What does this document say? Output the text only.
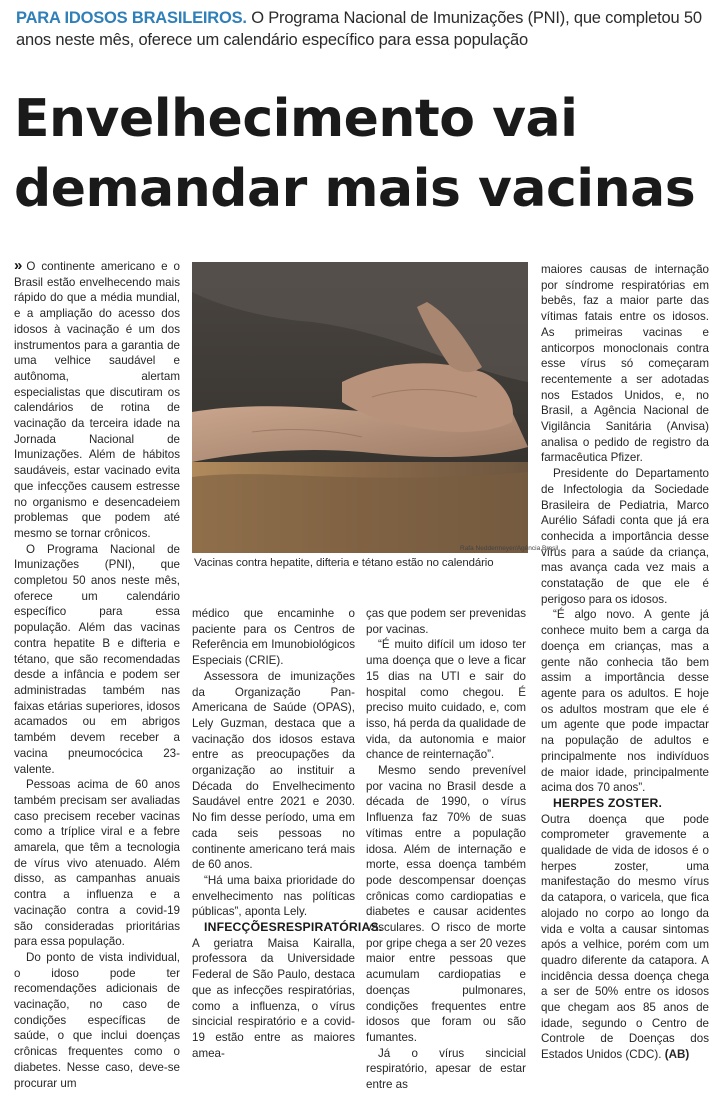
PARA IDOSOS BRASILEIROS. O Programa Nacional de Imunizações (PNI), que completou 50 anos neste mês, oferece um calendário específico para essa população
Envelhecimento vai
demandar mais vacinas

» O continente americano e o Brasil estão envelhecendo mais rápido do que a média mundial, e a ampliação do acesso dos idosos à vacinação é um dos instrumentos para a garantia de uma velhice saudável e autônoma, alertam especialistas que discutiram os calendários de rotina de vacinação da terceira idade na Jornada Nacional de Imunizações. Além de hábitos saudáveis, estar vacinado evita que infecções causem estresse no organismo e desencadeiem problemas que podem até mesmo se tornar crônicos.

O Programa Nacional de Imunizações (PNI), que completou 50 anos neste mês, oferece um calendário específico para essa população. Além das vacinas contra hepatite B e difteria e tétano, que são recomendadas desde a infância e podem ser administradas também nas faixas etárias superiores, idosos acamados ou em abrigos também devem receber a vacina pneumocócica 23-valente.

Pessoas acima de 60 anos também precisam ser avaliadas caso precisem receber vacinas como a tríplice viral e a febre amarela, que têm a tecnologia de vírus vivo atenuado. Além disso, as campanhas anuais contra a influenza e a vacinação contra a covid-19 são consideradas prioritárias para essa população.

Do ponto de vista individual, o idoso pode ter recomendações adicionais de vacinação, no caso de condições específicas de saúde, o que inclui doenças crônicas frequentes como o diabetes. Nesse caso, deve-se procurar um

Rafa Neddermeyer/Agência Brasil
Vacinas contra hepatite, difteria e tétano estão no calendário

médico que encaminhe o paciente para os Centros de Referência em Imunobiológicos Especiais (CRIE).

Assessora de imunizações da Organização Pan-Americana de Saúde (OPAS), Lely Guzman, destaca que a vacinação dos idosos estava entre as preocupações da organização ao instituir a Década do Envelhecimento Saudável entre 2021 e 2030. No fim desse período, uma em cada seis pessoas no continente americano terá mais de 60 anos.

“Há uma baixa prioridade do envelhecimento nas políticas públicas”, aponta Lely.

INFECÇÕESRESPIRATÓRIAS.

A geriatra Maisa Kairalla, professora da Universidade Federal de São Paulo, destaca que as infecções respiratórias, como a influenza, o vírus sincicial respiratório e a covid-19 estão entre as maiores amea-

ças que podem ser prevenidas por vacinas.

“É muito difícil um idoso ter uma doença que o leve a ficar 15 dias na UTI e sair do hospital como chegou. É preciso muito cuidado, e, com isso, há perda da qualidade de vida, da autonomia e maior chance de reinternação”.

Mesmo sendo prevenível por vacina no Brasil desde a década de 1990, o vírus Influenza faz 70% de suas vítimas entre a população idosa. Além de internação e morte, essa doença também pode descompensar doenças crônicas como cardiopatias e diabetes e causar acidentes vasculares. O risco de morte por gripe chega a ser 20 vezes maior entre pessoas que acumulam cardiopatias e doenças pulmonares, condições frequentes entre idosos que foram ou são fumantes.

Já o vírus sincicial respiratório, apesar de estar entre as

maiores causas de internação por síndrome respiratórias em bebês, faz a maior parte das vítimas fatais entre os idosos. As primeiras vacinas e anticorpos monoclonais contra esse vírus só começaram recentemente a ser adotadas nos Estados Unidos, e, no Brasil, a Agência Nacional de Vigilância Sanitária (Anvisa) analisa o pedido de registro da farmacêutica Pfizer.

Presidente do Departamento de Infectologia da Sociedade Brasileira de Pediatria, Marco Aurélio Sáfadi conta que já era conhecida a importância desse vírus para a saúde da criança, mas avança cada vez mais a constatação de que ele é perigoso para os idosos.

“É algo novo. A gente já conhece muito bem a carga da doença em crianças, mas a gente não conhecia tão bem assim a importância desse agente para os adultos. E hoje os adultos mostram que ele é um agente que pode impactar na população de adultos e principalmente nos indivíduos de maior idade, principalmente acima dos 70 anos”.

HERPES ZOSTER.

Outra doença que pode comprometer gravemente a qualidade de vida de idosos é o herpes zoster, uma manifestação do mesmo vírus da catapora, o varicela, que fica alojado no corpo ao longo da vida e volta a causar sintomas após a velhice, porém com um quadro diferente da catapora. A incidência dessa doença chega a ser de 50% entre os idosos que chegam aos 85 anos de idade, segundo o Centro de Controle de Doenças dos Estados Unidos (CDC). (AB)
